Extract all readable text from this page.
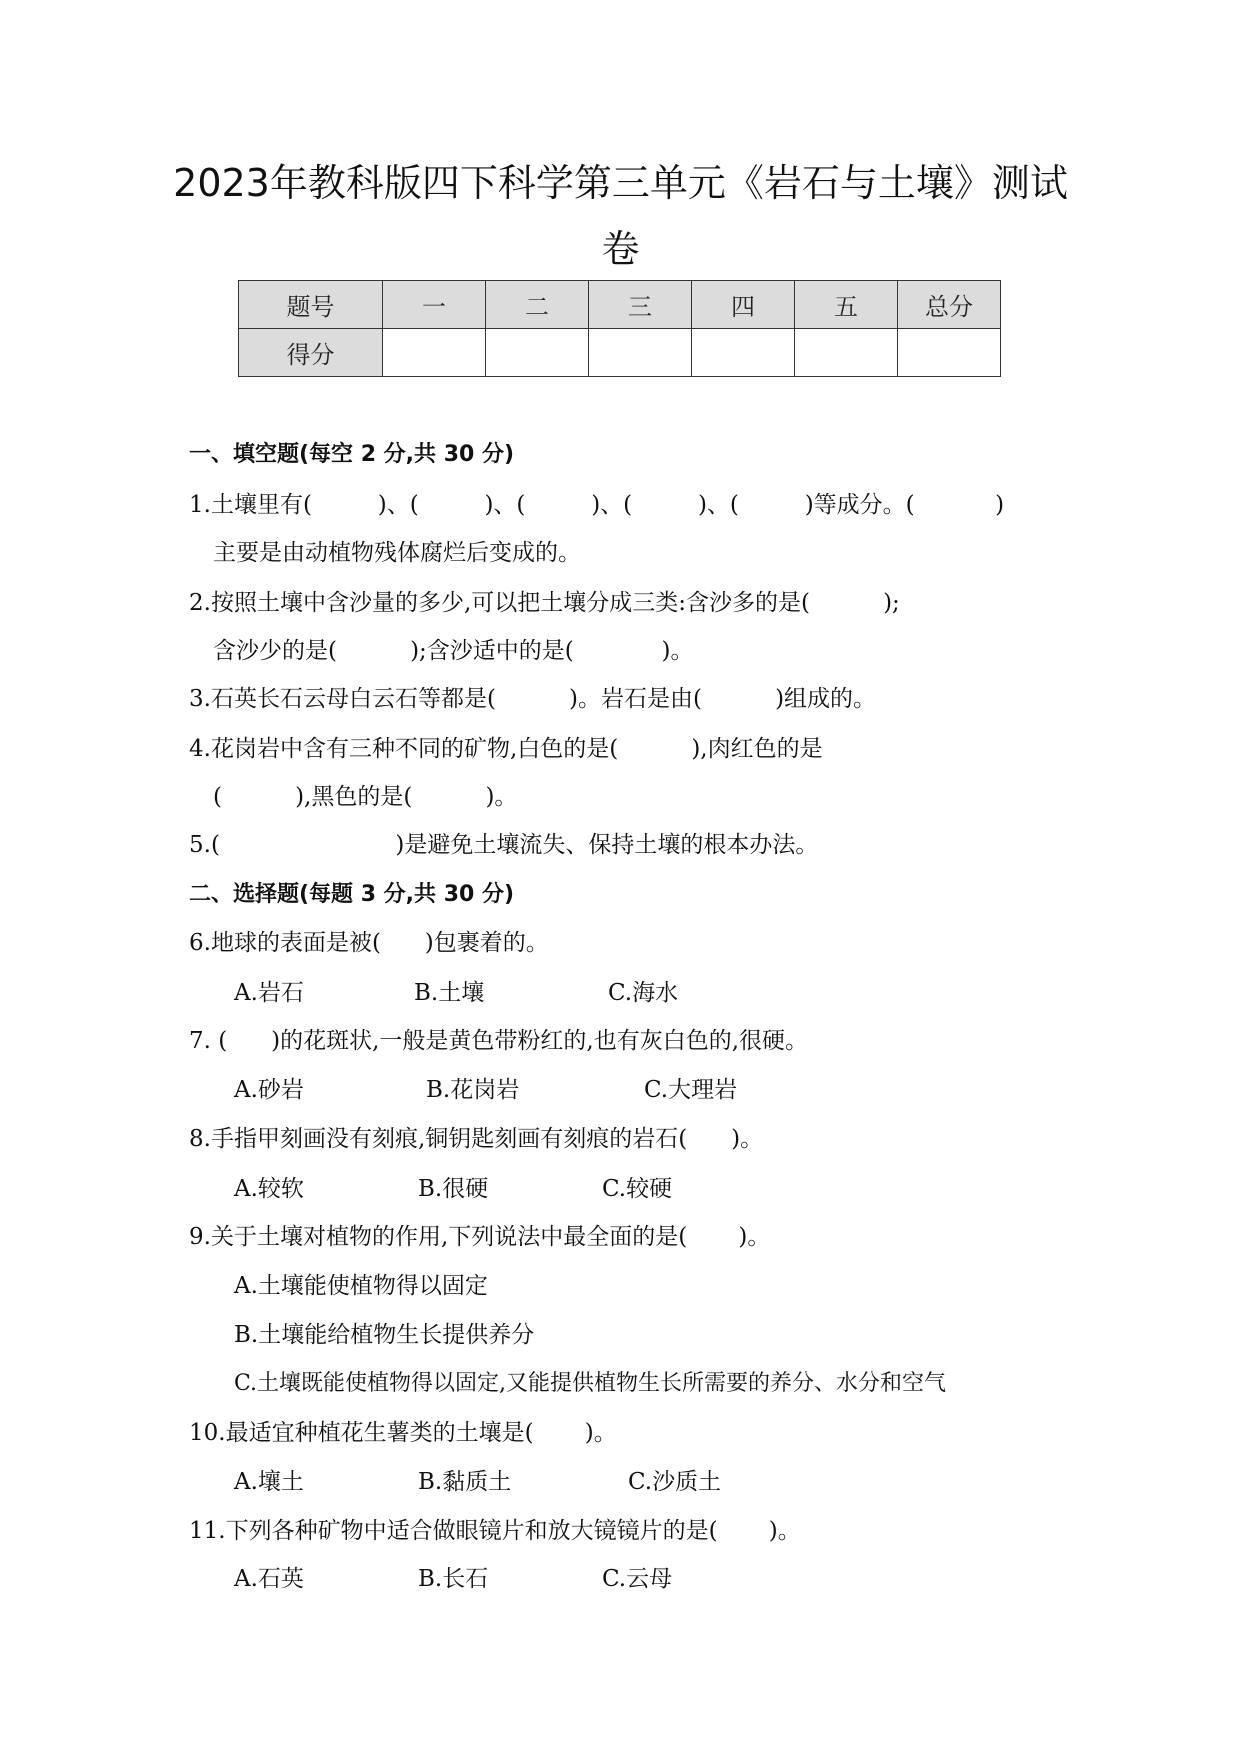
2023年教科版四下科学第三单元《岩石与土壤》测试
卷
题号	一	二	三	四	五	总分
得分						
一、填空题(每空 2 分,共 30 分)
1.土壤里有(         )、(         )、(         )、(         )、(         )等成分。(           )
主要是由动植物残体腐烂后变成的。
2.按照土壤中含沙量的多少,可以把土壤分成三类:含沙多的是(          );
含沙少的是(          );含沙适中的是(            )。
3.石英长石云母白云石等都是(          )。岩石是由(          )组成的。
4.花岗岩中含有三种不同的矿物,白色的是(          ),肉红色的是
(          ),黑色的是(          )。
5.(                        )是避免土壤流失、保持土壤的根本办法。
二、选择题(每题 3 分,共 30 分)
6.地球的表面是被(      )包裹着的。
A.岩石	B.土壤	C.海水
7. (      )的花斑状,一般是黄色带粉红的,也有灰白色的,很硬。
A.砂岩	B.花岗岩	C.大理岩
8.手指甲刻画没有刻痕,铜钥匙刻画有刻痕的岩石(      )。
A.较软	B.很硬	C.较硬
9.关于土壤对植物的作用,下列说法中最全面的是(       )。
A.土壤能使植物得以固定
B.土壤能给植物生长提供养分
C.土壤既能使植物得以固定,又能提供植物生长所需要的养分、水分和空气
10.最适宜种植花生薯类的土壤是(       )。
A.壤土	B.黏质土	C.沙质土
11.下列各种矿物中适合做眼镜片和放大镜镜片的是(       )。
A.石英	B.长石	C.云母
